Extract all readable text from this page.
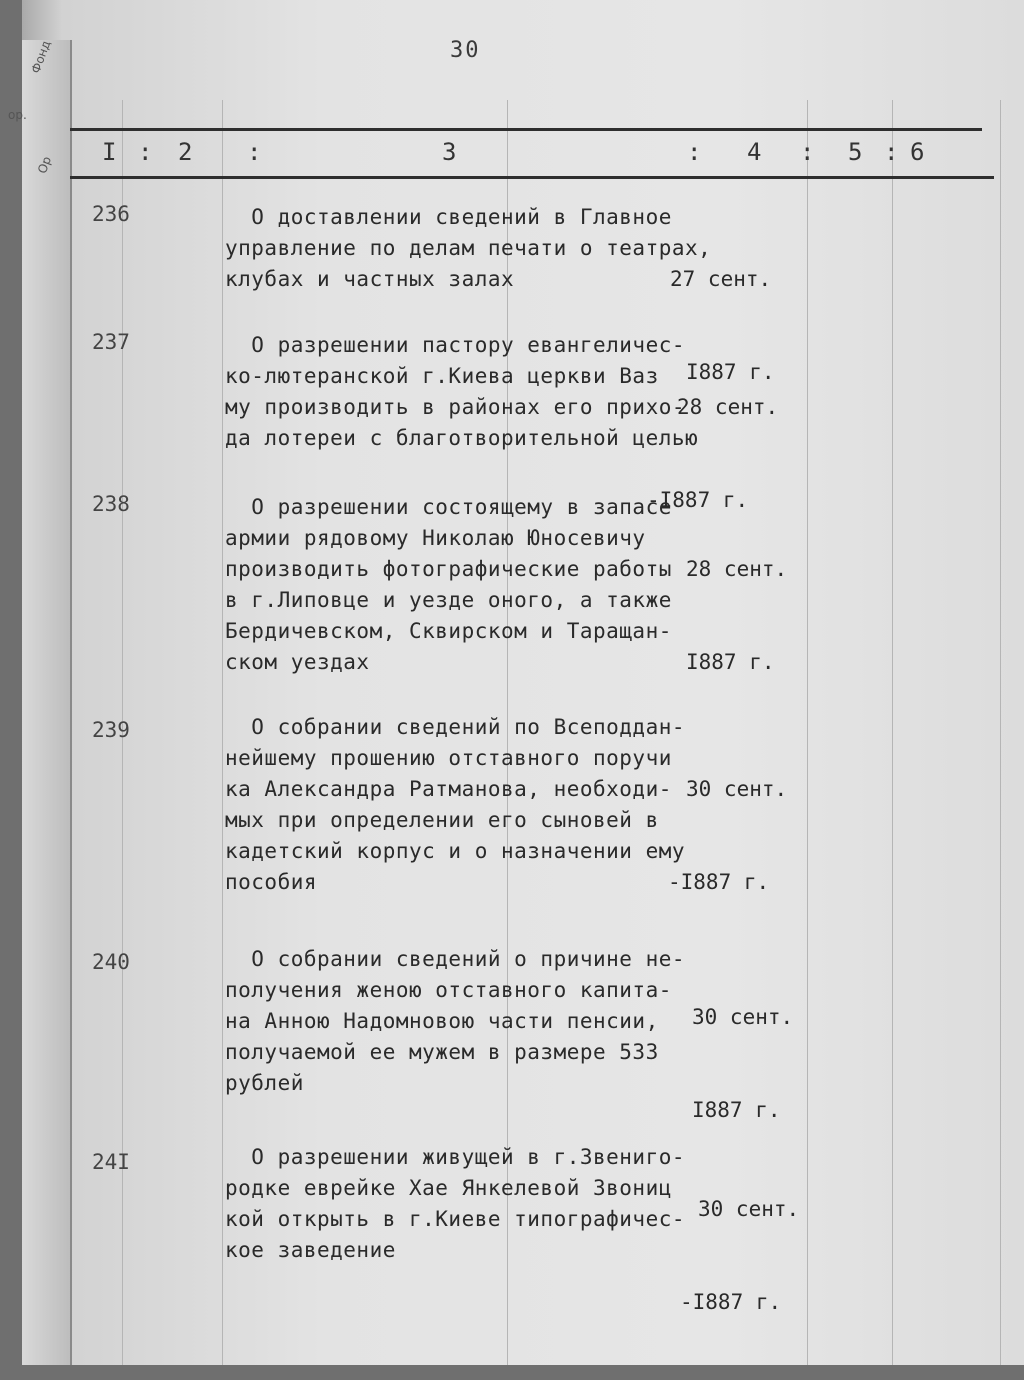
Фонд
ор.
Ор
30
I : 2 :	3	: 4 : 5 : 6
236	О доставлении сведений в Главное
управление по делам печати о театрах,
клубах и частных залах

	27 сент.

I887 г.

237	О разрешении пастору евангеличес-
ко-лютеранской г.Киева церкви Ваз
му производить в районах его прихо-
да лотереи с благотворительной целью

28 сент.

-I887 г.

238	О разрешении состоящему в запасе
армии рядовому Николаю Юносевичу
производить фотографические работы
в г.Липовце и уезде оного, а также
Бердичевском, Сквирском и Таращан-
ском уездах

28 сент.

I887 г.

239	О собрании сведений по Всеподдан-
нейшему прошению отставного поручи
ка Александра Ратманова, необходи-
мых при определении его сыновей в
кадетский корпус и о назначении ему
пособия

30 сент.

-I887 г.

240	О собрании сведений о причине не-
получения женою отставного капита-
на Анною Надомновою части пенсии,
получаемой ее мужем в размере 533
рублей

30 сент.

I887 г.

24I	О разрешении живущей в г.Звениго-
родке еврейке Хае Янкелевой Звониц
кой открыть в г.Киеве типографичес-
кое заведение

30 сент.

-I887 г.
